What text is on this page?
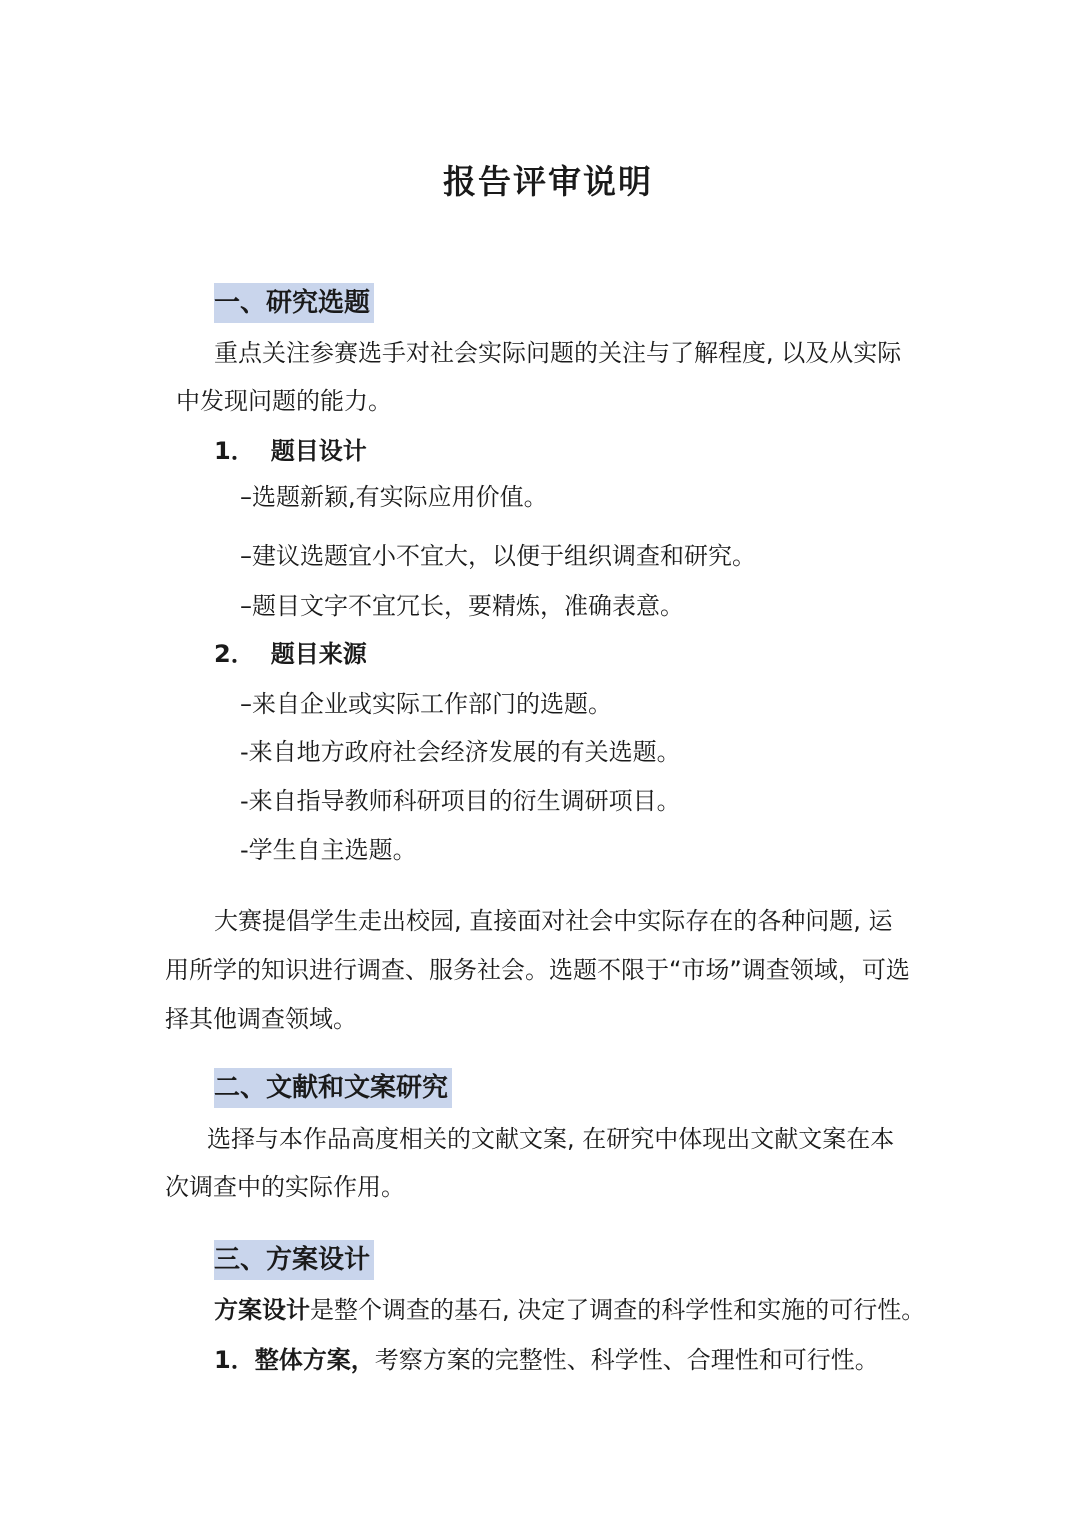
报告评审说明
一、研究选题
重点关注参赛选手对社会实际问题的关注与了解程度, 以及从实际
中发现问题的能力。
1． 题目设计
–选题新颖,有实际应用价值。
–建议选题宜小不宜大，以便于组织调查和研究。
–题目文字不宜冗长，要精炼，准确表意。
2． 题目来源
–来自企业或实际工作部门的选题。
-来自地方政府社会经济发展的有关选题。
-来自指导教师科研项目的衍生调研项目。
-学生自主选题。
大赛提倡学生走出校园, 直接面对社会中实际存在的各种问题, 运
用所学的知识进行调查、服务社会。选题不限于“市场”调查领域，可选
择其他调查领域。
二、文献和文案研究
选择与本作品高度相关的文献文案, 在研究中体现出文献文案在本
次调查中的实际作用。
三、方案设计
方案设计是整个调查的基石, 决定了调查的科学性和实施的可行性。
1．整体方案，考察方案的完整性、科学性、合理性和可行性。
